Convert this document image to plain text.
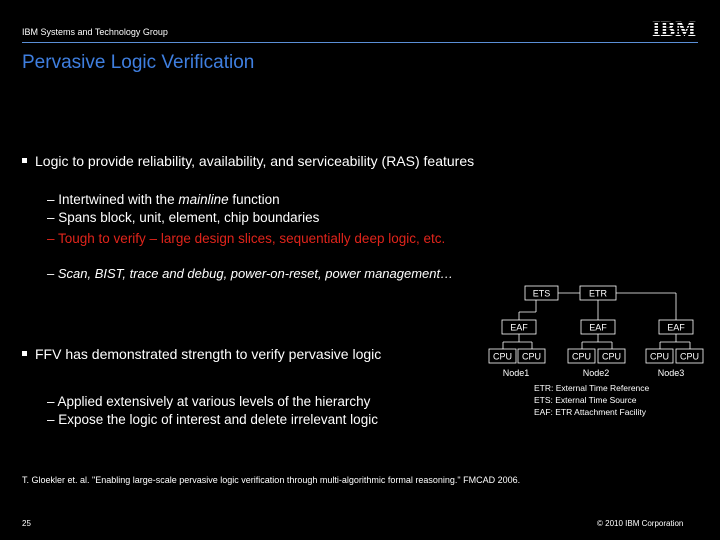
IBM Systems and Technology Group
Pervasive Logic Verification
Logic to provide reliability, availability, and serviceability (RAS) features
– Intertwined with the mainline function
– Spans block, unit, element, chip boundaries
– Tough to verify – large design slices, sequentially deep logic, etc.
– Scan, BIST, trace and debug, power-on-reset, power management…
FFV has demonstrated strength to verify pervasive logic
– Applied extensively at various levels of the hierarchy
– Expose the logic of interest and delete irrelevant logic
ETS	ETR
EAF
CPU CPU
Node1
EAF
CPU CPU
Node2
EAF
CPU CPU
Node3
ETR: External Time Reference
ETS: External Time Source
EAF: ETR Attachment Facility
T. Gloekler et. al. "Enabling large-scale pervasive logic verification through multi-algorithmic formal reasoning." FMCAD 2006.
25	© 2010 IBM Corporation
